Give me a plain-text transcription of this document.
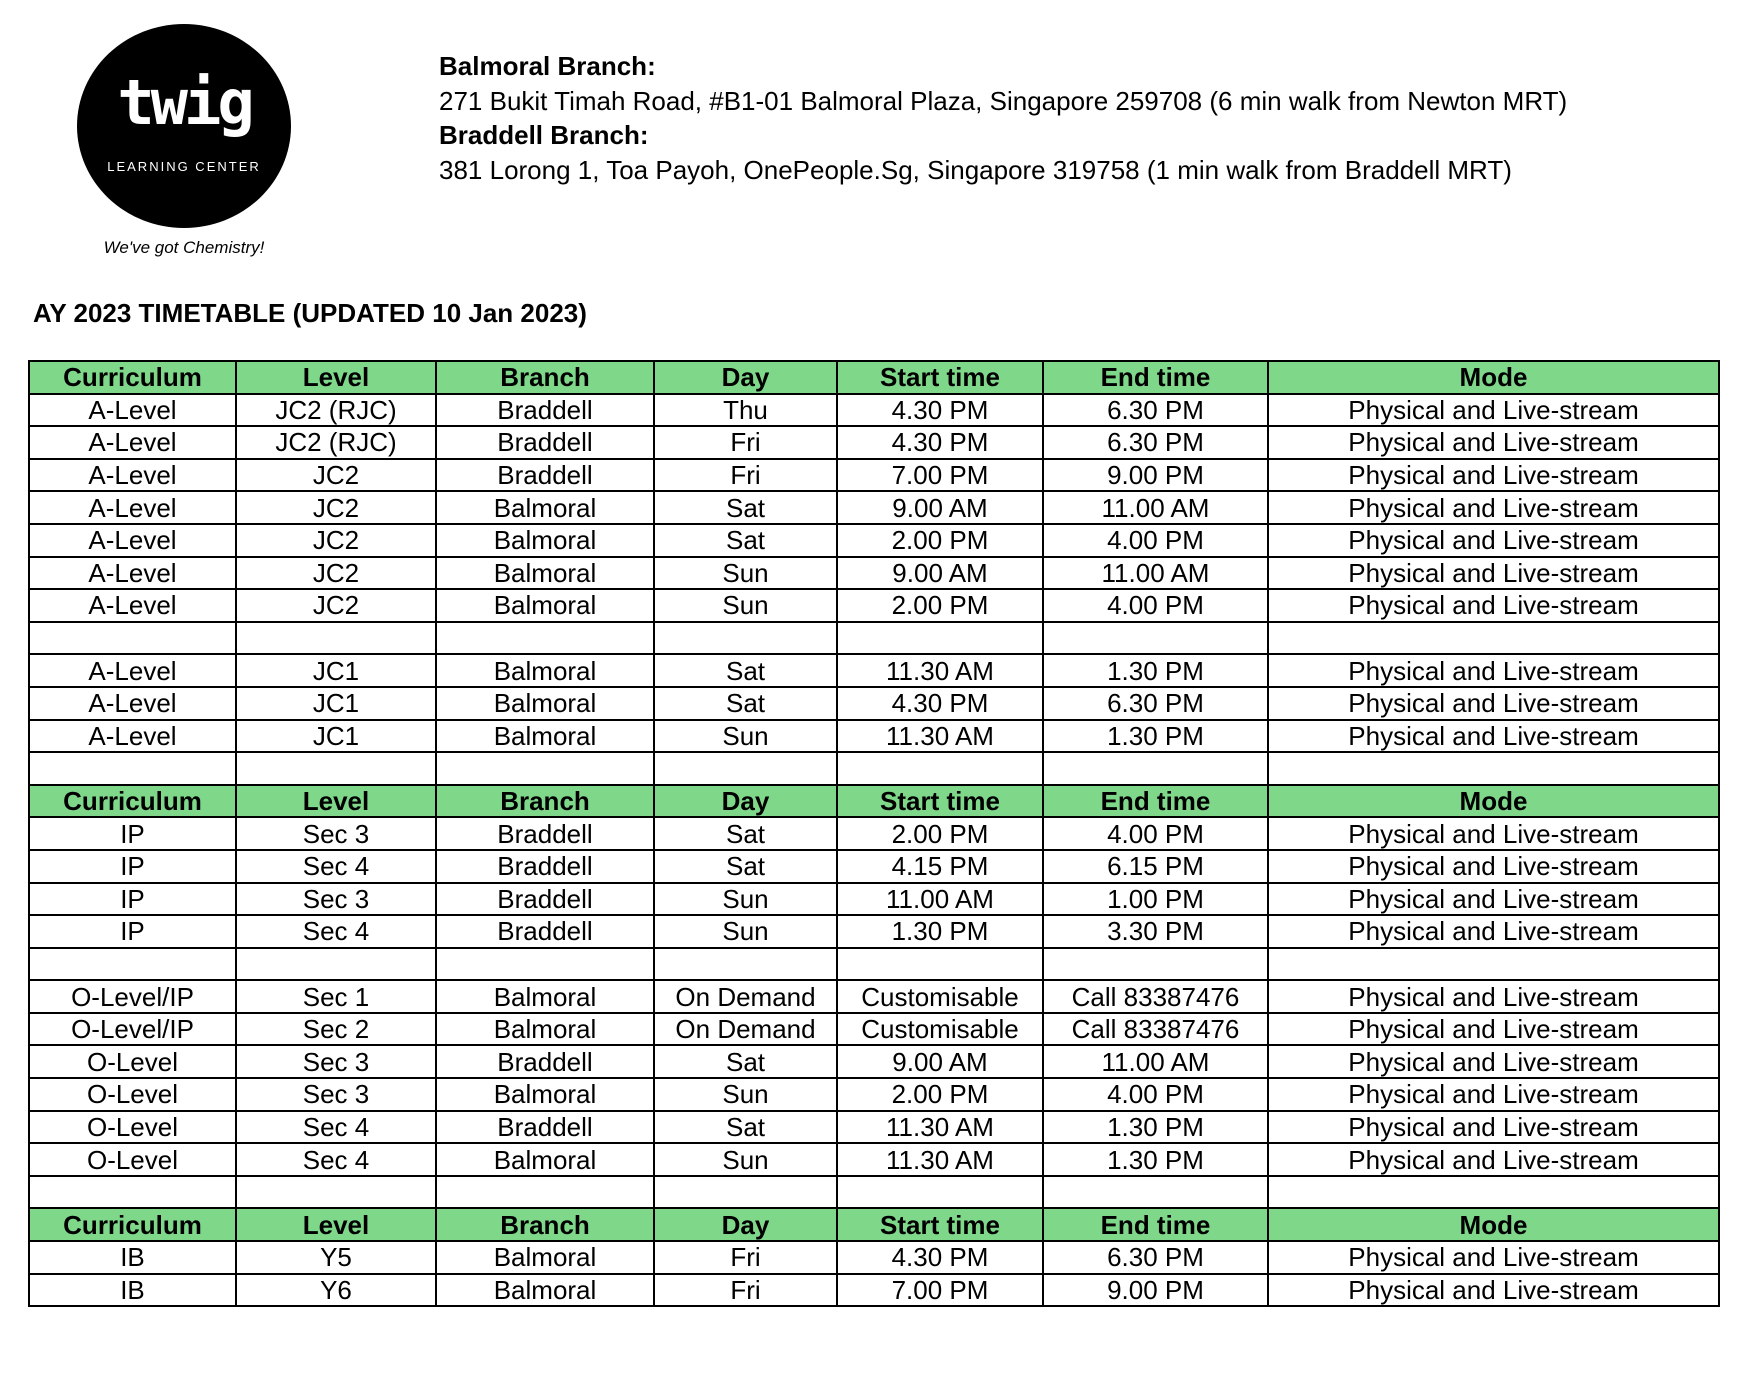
twig
LEARNING CENTER
We've got Chemistry!
Balmoral Branch:
271 Bukit Timah Road, #B1-01 Balmoral Plaza, Singapore 259708 (6 min walk from Newton MRT)
Braddell Branch:
381 Lorong 1, Toa Payoh, OnePeople.Sg, Singapore 319758 (1 min walk from Braddell MRT)
AY 2023 TIMETABLE (UPDATED 10 Jan 2023)
Curriculum	Level	Branch	Day	Start time	End time	Mode
A-Level	JC2 (RJC)	Braddell	Thu	4.30 PM	6.30 PM	Physical and Live-stream
A-Level	JC2 (RJC)	Braddell	Fri	4.30 PM	6.30 PM	Physical and Live-stream
A-Level	JC2	Braddell	Fri	7.00 PM	9.00 PM	Physical and Live-stream
A-Level	JC2	Balmoral	Sat	9.00 AM	11.00 AM	Physical and Live-stream
A-Level	JC2	Balmoral	Sat	2.00 PM	4.00 PM	Physical and Live-stream
A-Level	JC2	Balmoral	Sun	9.00 AM	11.00 AM	Physical and Live-stream
A-Level	JC2	Balmoral	Sun	2.00 PM	4.00 PM	Physical and Live-stream

A-Level	JC1	Balmoral	Sat	11.30 AM	1.30 PM	Physical and Live-stream
A-Level	JC1	Balmoral	Sat	4.30 PM	6.30 PM	Physical and Live-stream
A-Level	JC1	Balmoral	Sun	11.30 AM	1.30 PM	Physical and Live-stream

Curriculum	Level	Branch	Day	Start time	End time	Mode
IP	Sec 3	Braddell	Sat	2.00 PM	4.00 PM	Physical and Live-stream
IP	Sec 4	Braddell	Sat	4.15 PM	6.15 PM	Physical and Live-stream
IP	Sec 3	Braddell	Sun	11.00 AM	1.00 PM	Physical and Live-stream
IP	Sec 4	Braddell	Sun	1.30 PM	3.30 PM	Physical and Live-stream

O-Level/IP	Sec 1	Balmoral	On Demand	Customisable	Call 83387476	Physical and Live-stream
O-Level/IP	Sec 2	Balmoral	On Demand	Customisable	Call 83387476	Physical and Live-stream
O-Level	Sec 3	Braddell	Sat	9.00 AM	11.00 AM	Physical and Live-stream
O-Level	Sec 3	Balmoral	Sun	2.00 PM	4.00 PM	Physical and Live-stream
O-Level	Sec 4	Braddell	Sat	11.30 AM	1.30 PM	Physical and Live-stream
O-Level	Sec 4	Balmoral	Sun	11.30 AM	1.30 PM	Physical and Live-stream

Curriculum	Level	Branch	Day	Start time	End time	Mode
IB	Y5	Balmoral	Fri	4.30 PM	6.30 PM	Physical and Live-stream
IB	Y6	Balmoral	Fri	7.00 PM	9.00 PM	Physical and Live-stream
